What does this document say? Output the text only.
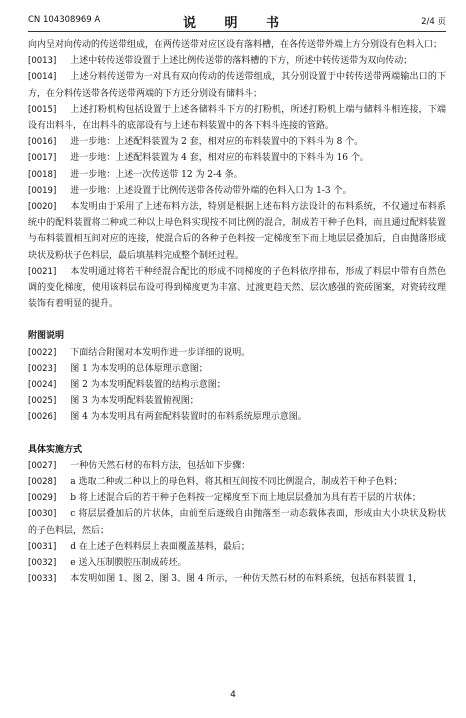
CN 104308969 A	说 明 书	2/4 页

向内呈对向传动的传送带组成，在两传送带对应区设有落料槽，在各传送带外端上方分别设有色料入口；

[0013] 上述中转传送带设置于上述比例传送带的落料槽的下方，所述中转传送带为双向传动；

[0014] 上述分料传送带为一对具有双向传动的传送带组成，其分别设置于中转传送带两端输出口的下方，在分料传送带各传送带两端的下方还分别设有储料斗；

[0015] 上述打粉机构包括设置于上述各储料斗下方的打粉机，所述打粉机上端与储料斗相连接，下端设有出料斗，在出料斗的底部设有与上述布料装置中的各下料斗连接的管路。

[0016] 进一步地：上述配料装置为 2 套，相对应的布料装置中的下料斗为 8 个。

[0017] 进一步地：上述配料装置为 4 套，相对应的布料装置中的下料斗为 16 个。

[0018] 进一步地：上述一次传送带 12 为 2-4 条。

[0019] 进一步地：上述设置于比例传送带各传动带外端的色料入口为 1-3 个。

[0020] 本发明由于采用了上述布料方法，特别是根据上述布料方法设计的布料系统，不仅通过布料系统中的配料装置将二种或二种以上母色料实现按不同比例的混合，制成若干种子色料，而且通过配料装置与布料装置相互间对应的连接，使混合后的各种子色料按一定梯度至下而上地层层叠加后，自由抛落形成块状及粉状子色料层，最后填基料完成整个制坯过程。

[0021] 本发明通过将若干种经混合配比的形成不同梯度的子色料依序排布，形成了料层中带有自然色调的变化梯度，使用该料层布设可得到梯度更为丰富、过渡更趋天然、层次感强的瓷砖图案，对瓷砖纹理装饰有着明显的提升。

附图说明

[0022] 下面结合附图对本发明作进一步详细的说明。

[0023] 图 1 为本发明的总体原理示意图；

[0024] 图 2 为本发明配料装置的结构示意图；

[0025] 图 3 为本发明配料装置俯视图；

[0026] 图 4 为本发明具有两套配料装置时的布料系统原理示意图。

具体实施方式

[0027] 一种仿天然石材的布料方法，包括如下步骤：

[0028] a 选取二种或二种以上的母色料，将其相互间按不同比例混合，制成若干种子色料；

[0029] b 将上述混合后的若干种子色料按一定梯度至下而上地层层叠加为具有若干层的片状体；

[0030] c 将层层叠加后的片状体，由前至后逐级自由抛落至一动态载体表面，形成由大小块状及粉状的子色料层，然后；

[0031] d 在上述子色料料层上表面覆盖基料，最后；

[0032] e 送入压制膜腔压制成砖坯。

[0033] 本发明如图 1、图 2、图 3、图 4 所示，一种仿天然石材的布料系统，包括布料装置 1，

4
